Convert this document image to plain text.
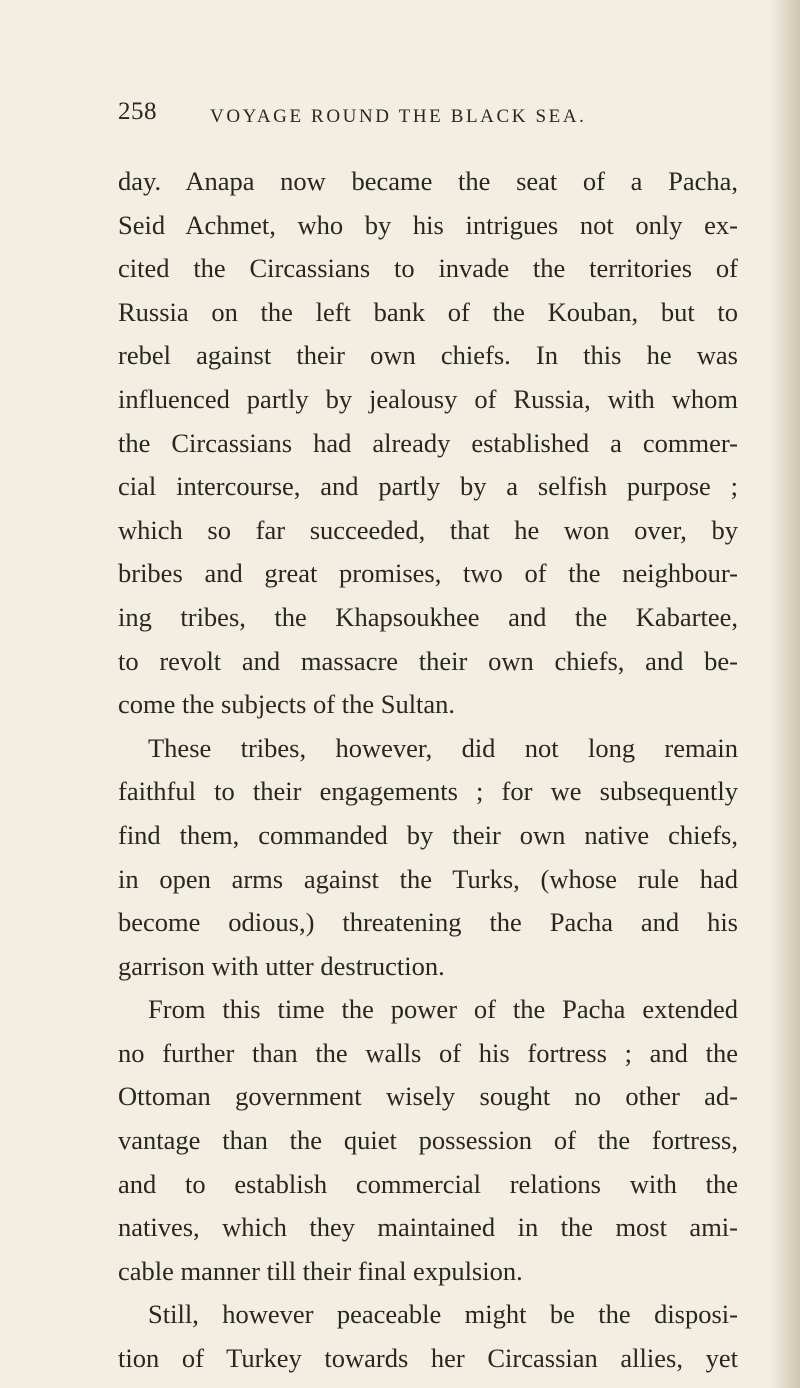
258	VOYAGE ROUND THE BLACK SEA.
day. Anapa now became the seat of a Pacha,
Seid Achmet, who by his intrigues not only ex-
cited the Circassians to invade the territories of
Russia on the left bank of the Kouban, but to
rebel against their own chiefs. In this he was
influenced partly by jealousy of Russia, with whom
the Circassians had already established a commer-
cial intercourse, and partly by a selfish purpose ;
which so far succeeded, that he won over, by
bribes and great promises, two of the neighbour-
ing tribes, the Khapsoukhee and the Kabartee,
to revolt and massacre their own chiefs, and be-
come the subjects of the Sultan.
These tribes, however, did not long remain
faithful to their engagements ; for we subsequently
find them, commanded by their own native chiefs,
in open arms against the Turks, (whose rule had
become odious,) threatening the Pacha and his
garrison with utter destruction.
From this time the power of the Pacha extended
no further than the walls of his fortress ; and the
Ottoman government wisely sought no other ad-
vantage than the quiet possession of the fortress,
and to establish commercial relations with the
natives, which they maintained in the most ami-
cable manner till their final expulsion.
Still, however peaceable might be the disposi-
tion of Turkey towards her Circassian allies, yet
